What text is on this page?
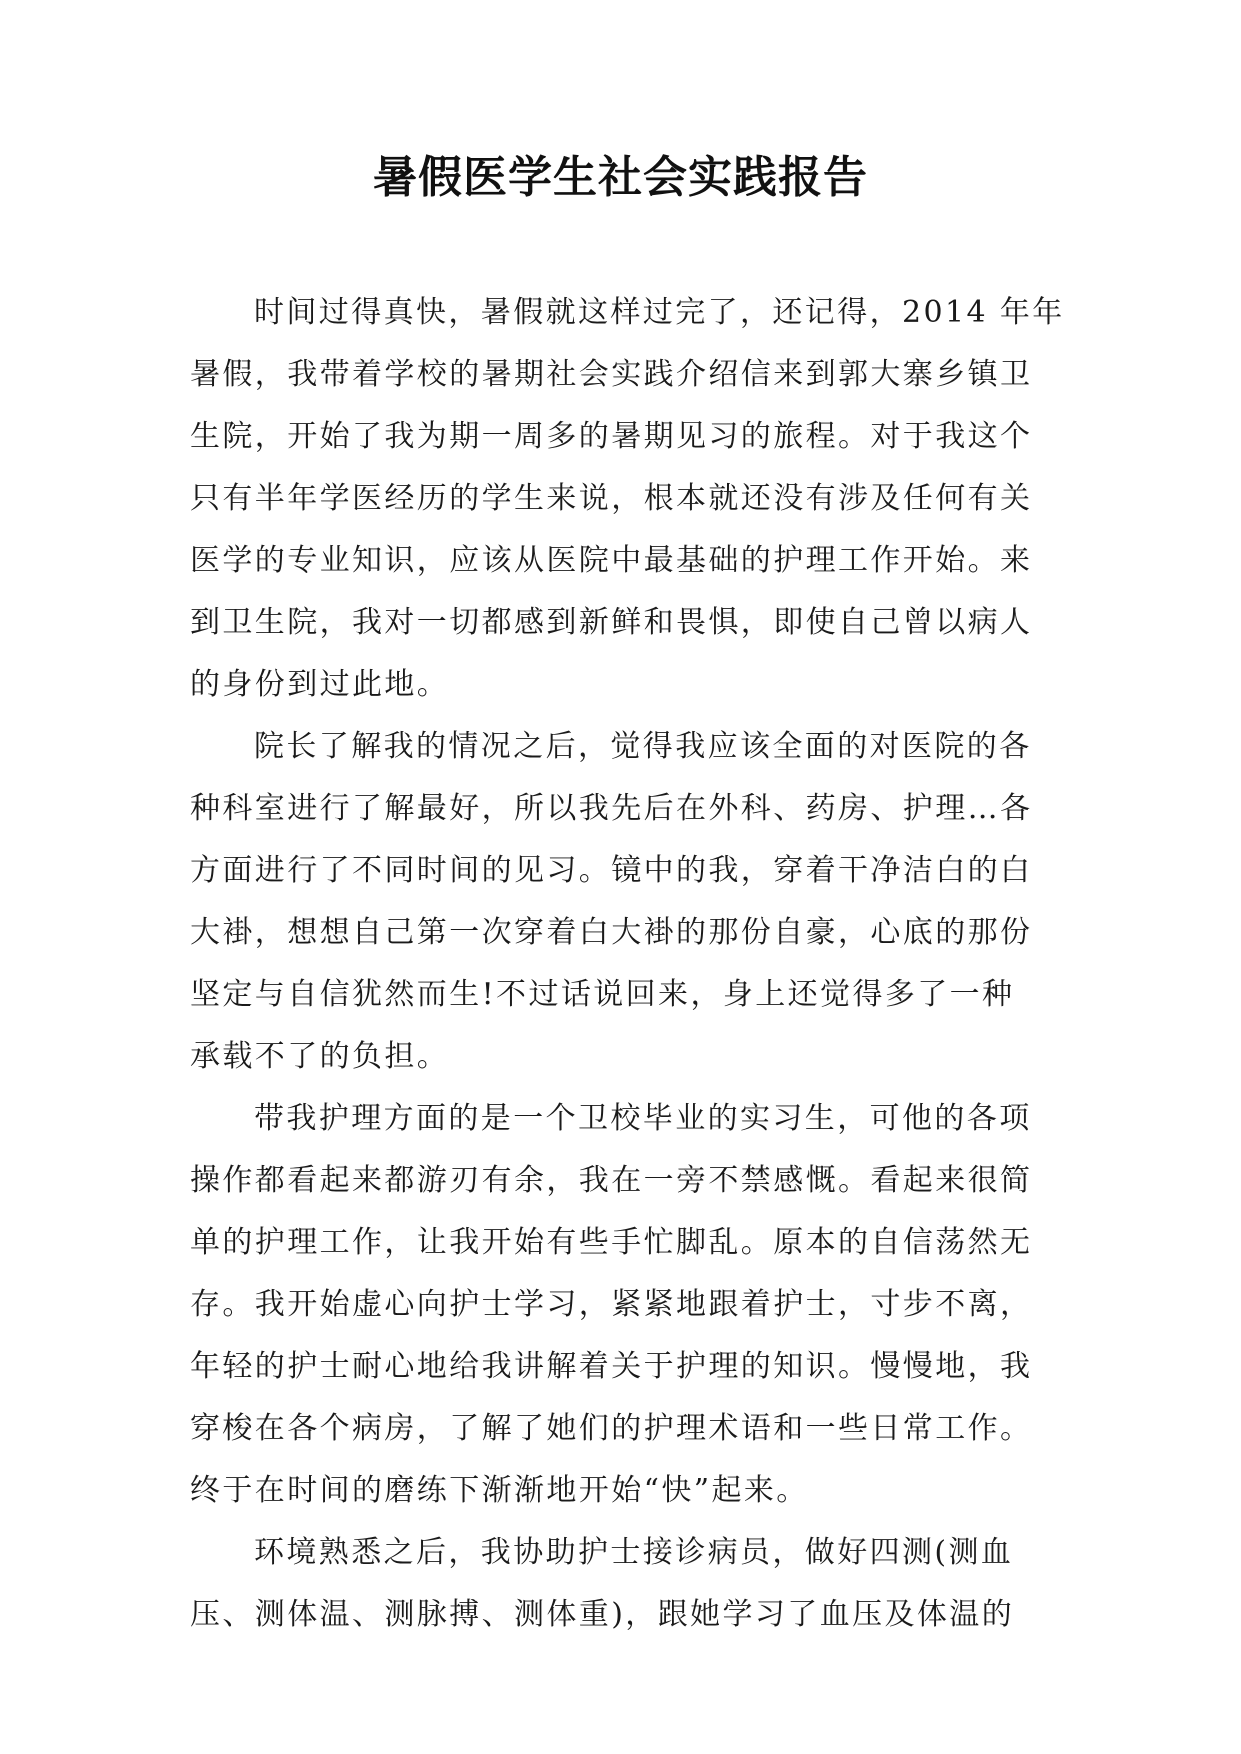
暑假医学生社会实践报告
时间过得真快，暑假就这样过完了，还记得，2014 年年
暑假，我带着学校的暑期社会实践介绍信来到郭大寨乡镇卫
生院，开始了我为期一周多的暑期见习的旅程。对于我这个
只有半年学医经历的学生来说，根本就还没有涉及任何有关
医学的专业知识，应该从医院中最基础的护理工作开始。来
到卫生院，我对一切都感到新鲜和畏惧，即使自己曾以病人
的身份到过此地。
院长了解我的情况之后，觉得我应该全面的对医院的各
种科室进行了解最好，所以我先后在外科、药房、护理…各
方面进行了不同时间的见习。镜中的我，穿着干净洁白的白
大褂，想想自己第一次穿着白大褂的那份自豪，心底的那份
坚定与自信犹然而生!不过话说回来，身上还觉得多了一种
承载不了的负担。
带我护理方面的是一个卫校毕业的实习生，可他的各项
操作都看起来都游刃有余，我在一旁不禁感慨。看起来很简
单的护理工作，让我开始有些手忙脚乱。原本的自信荡然无
存。我开始虚心向护士学习，紧紧地跟着护士，寸步不离，
年轻的护士耐心地给我讲解着关于护理的知识。慢慢地，我
穿梭在各个病房，了解了她们的护理术语和一些日常工作。
终于在时间的磨练下渐渐地开始“快”起来。
环境熟悉之后，我协助护士接诊病员，做好四测(测血
压、测体温、测脉搏、测体重)，跟她学习了血压及体温的
